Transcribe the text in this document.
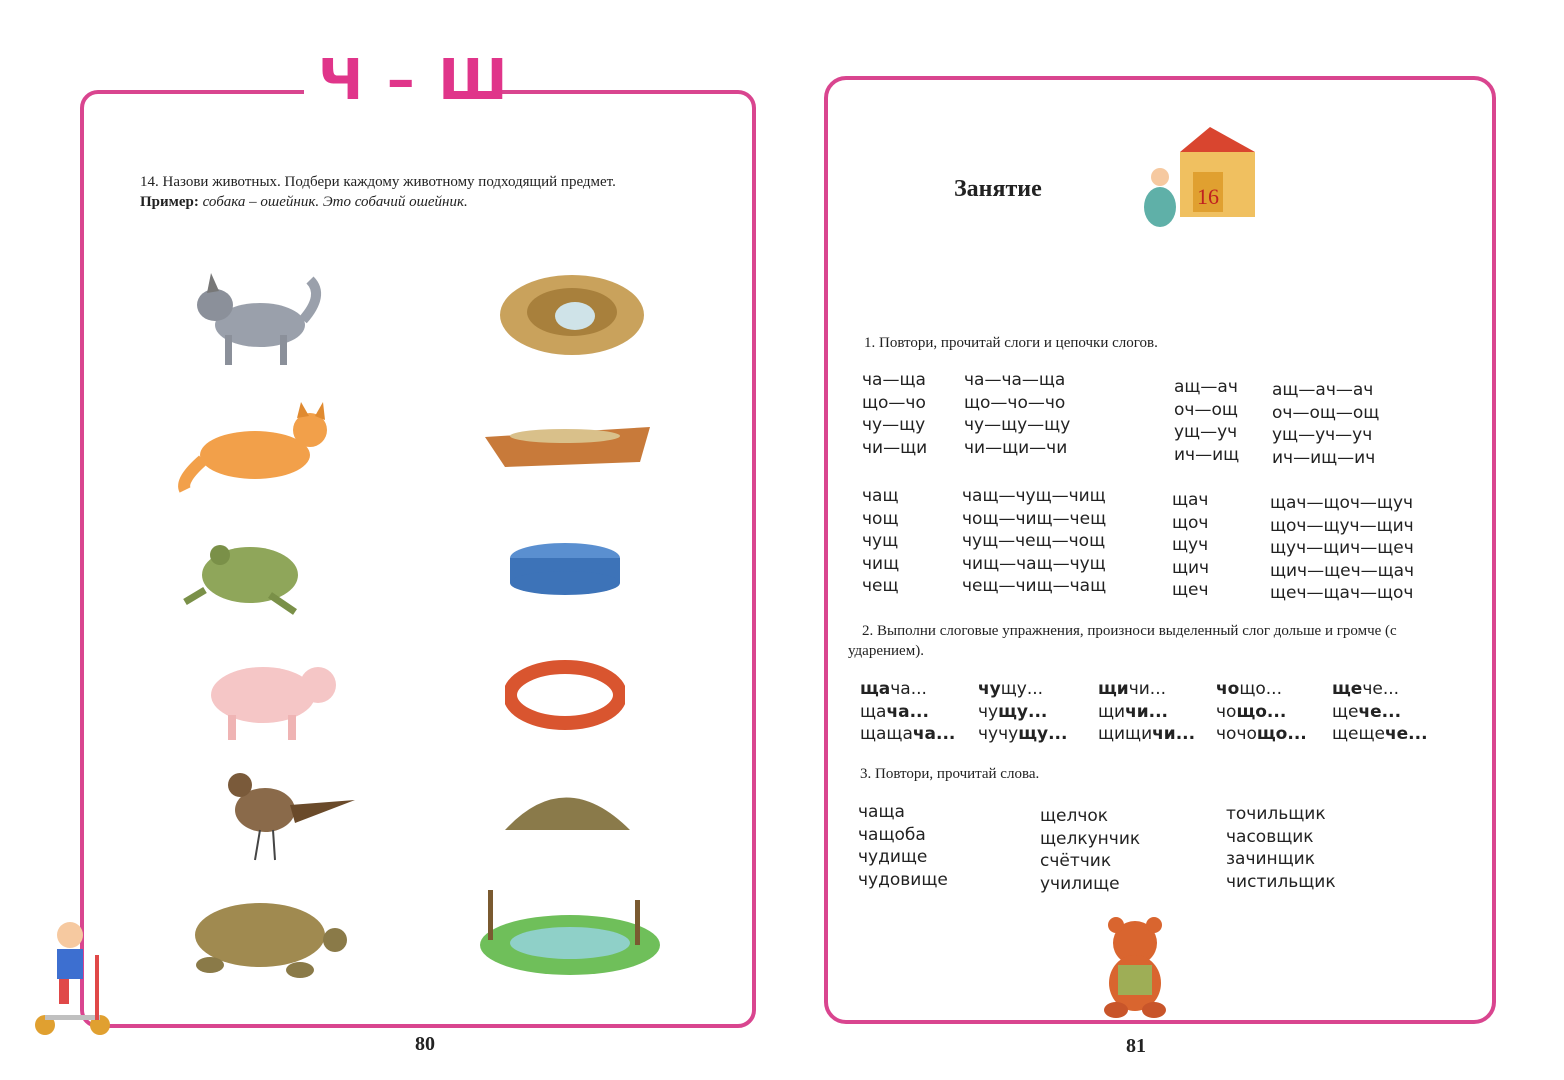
Ч – Ш
14. Назови животных. Подбери каждому животному подходящий предмет.
Пример: собака – ошейник. Это собачий ошейник.
80
Занятие	16
1. Повтори, прочитай слоги и цепочки слогов.
ча—ща
що—чо
чу—щу
чи—щи
ча—ча—ща
що—чо—чо
чу—щу—щу
чи—щи—чи
ащ—ач
оч—ощ
ущ—уч
ич—ищ
ащ—ач—ач
оч—ощ—ощ
ущ—уч—уч
ич—ищ—ич
чащ
чощ
чущ
чищ
чещ
чащ—чущ—чищ
чощ—чищ—чещ
чущ—чещ—чощ
чищ—чащ—чущ
чещ—чищ—чащ
щач
щоч
щуч
щич
щеч
щач—щоч—щуч
щоч—щуч—щич
щуч—щич—щеч
щич—щеч—щач
щеч—щач—щоч
2. Выполни слоговые упражнения, произноси выделенный слог дольше и громче (с ударением).
щача...
щача...
щащача...
чущу...
чущу...
чучущу...
щичи...
щичи...
щищичи...
чощо...
чощо...
чочощо...
щече...
щече...
щещече...
3. Повтори, прочитай слова.
чаща
чащоба
чудище
чудовище
щелчок
щелкунчик
счётчик
училище
точильщик
часовщик
зачинщик
чистильщик
81
